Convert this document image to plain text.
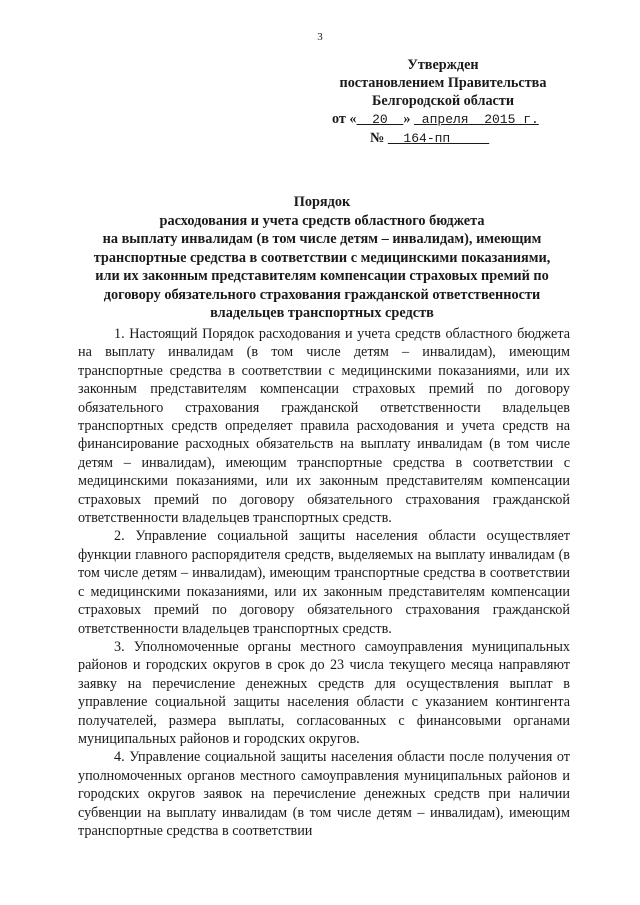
3
Утвержден
постановлением Правительства
Белгородской области
от «  20  »  апреля  2015 г.
№   164-пп
Порядок
расходования и учета средств областного бюджета
на выплату инвалидам (в том числе детям – инвалидам), имеющим
транспортные средства в соответствии с медицинскими показаниями,
или их законным представителям компенсации страховых премий по
договору обязательного страхования гражданской ответственности
владельцев транспортных средств

1. Настоящий Порядок расходования и учета средств областного бюджета на выплату инвалидам (в том числе детям – инвалидам), имеющим транспортные средства в соответствии с медицинскими показаниями, или их законным представителям компенсации страховых премий по договору обязательного страхования гражданской ответственности владельцев транспортных средств определяет правила расходования и учета средств на финансирование расходных обязательств на выплату инвалидам (в том числе детям – инвалидам), имеющим транспортные средства в соответствии с медицинскими показаниями, или их законным представителям компенсации страховых премий по договору обязательного страхования гражданской ответственности владельцев транспортных средств.

2. Управление социальной защиты населения области осуществляет функции главного распорядителя средств, выделяемых на выплату инвалидам (в том числе детям – инвалидам), имеющим транспортные средства в соответствии с медицинскими показаниями, или их законным представителям компенсации страховых премий по договору обязательного страхования гражданской ответственности владельцев транспортных средств.

3. Уполномоченные органы местного самоуправления муниципальных районов и городских округов в срок до 23 числа текущего месяца направляют заявку на перечисление денежных средств для осуществления выплат в управление социальной защиты населения области с указанием контингента получателей, размера выплаты, согласованных с финансовыми органами муниципальных районов и городских округов.

4. Управление социальной защиты населения области после получения от уполномоченных органов местного самоуправления муниципальных районов и городских округов заявок на перечисление денежных средств при наличии субвенции на выплату инвалидам (в том числе детям – инвалидам), имеющим транспортные средства в соответствии
